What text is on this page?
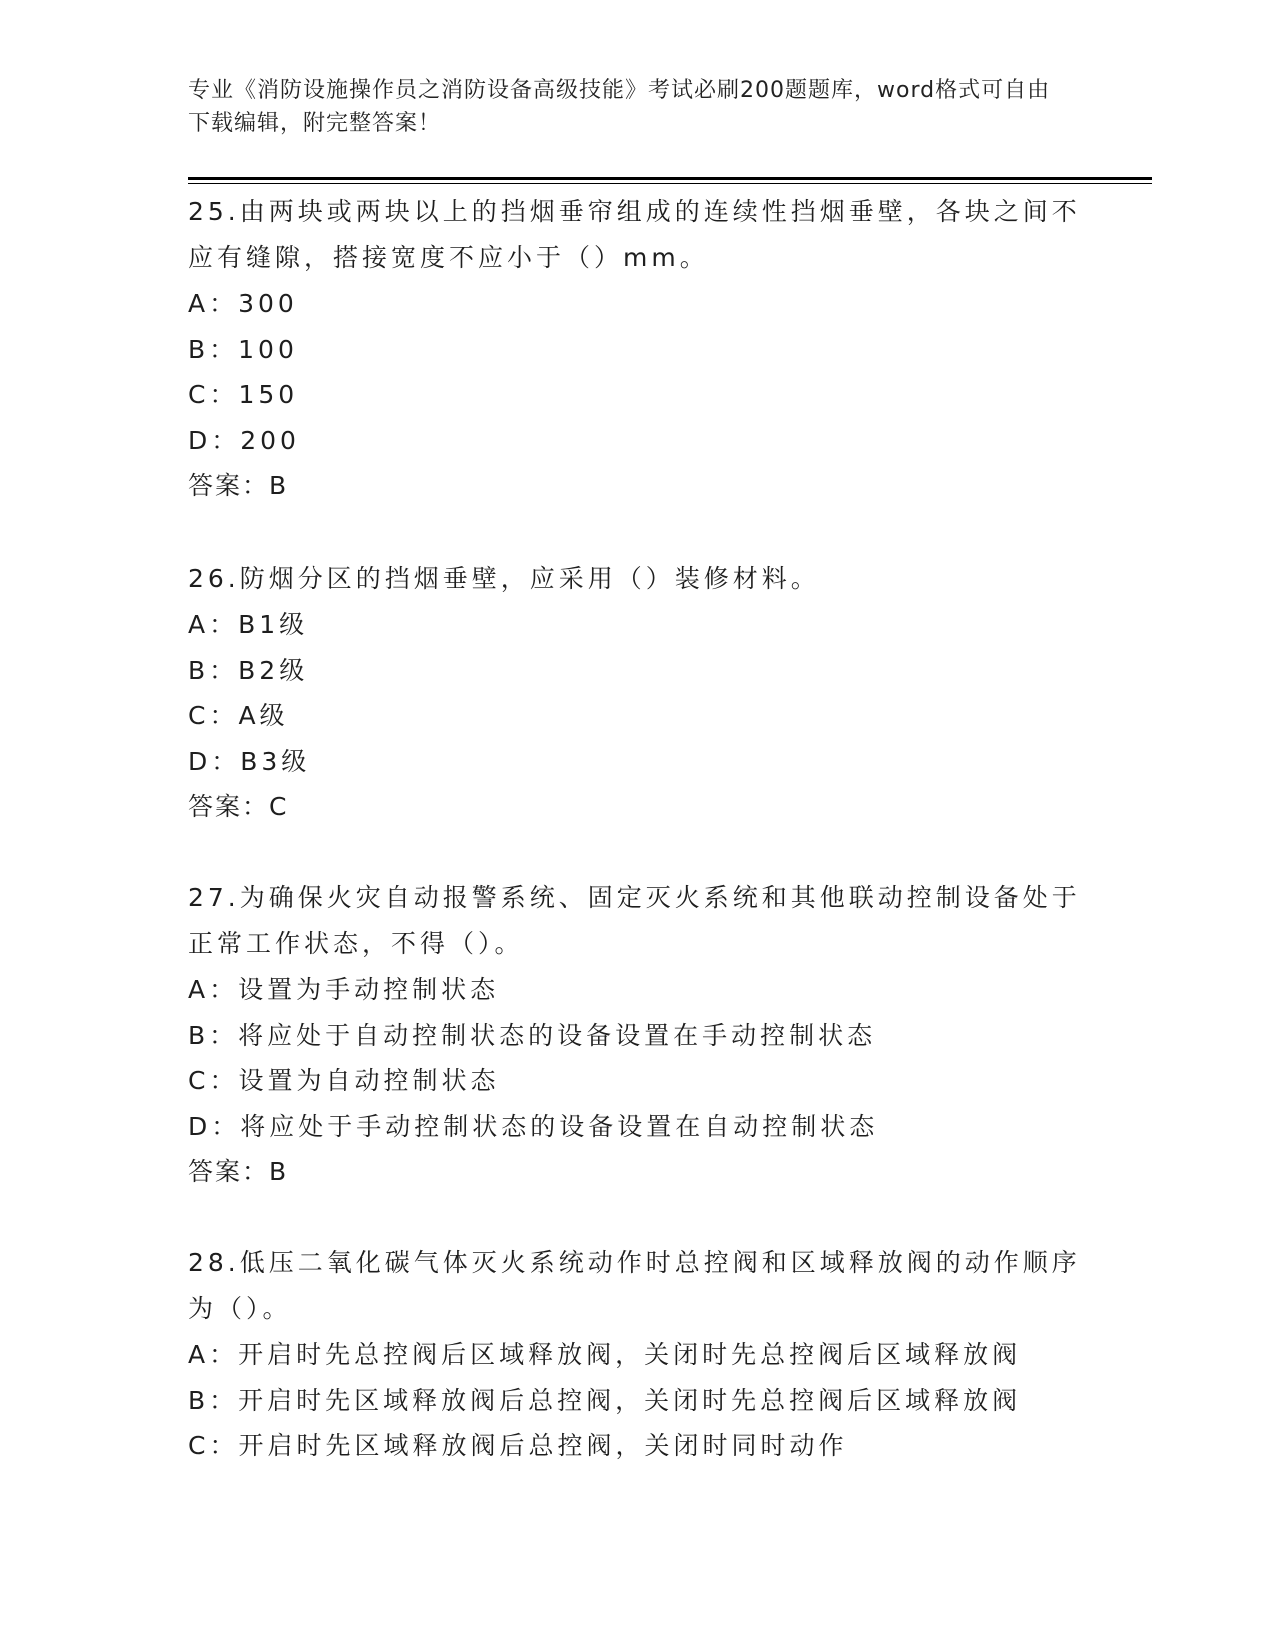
专业《消防设施操作员之消防设备高级技能》考试必刷200题题库，word格式可自由下载编辑，附完整答案！

25.由两块或两块以上的挡烟垂帘组成的连续性挡烟垂壁，各块之间不应有缝隙，搭接宽度不应小于（）mm。

A：300

B：100

C：150

D：200

答案：B

26.防烟分区的挡烟垂壁，应采用（）装修材料。

A：B1级

B：B2级

C：A级

D：B3级

答案：C

27.为确保火灾自动报警系统、固定灭火系统和其他联动控制设备处于正常工作状态，不得（）。

A：设置为手动控制状态

B：将应处于自动控制状态的设备设置在手动控制状态

C：设置为自动控制状态

D：将应处于手动控制状态的设备设置在自动控制状态

答案：B

28.低压二氧化碳气体灭火系统动作时总控阀和区域释放阀的动作顺序为（）。

A：开启时先总控阀后区域释放阀，关闭时先总控阀后区域释放阀

B：开启时先区域释放阀后总控阀，关闭时先总控阀后区域释放阀

C：开启时先区域释放阀后总控阀，关闭时同时动作
